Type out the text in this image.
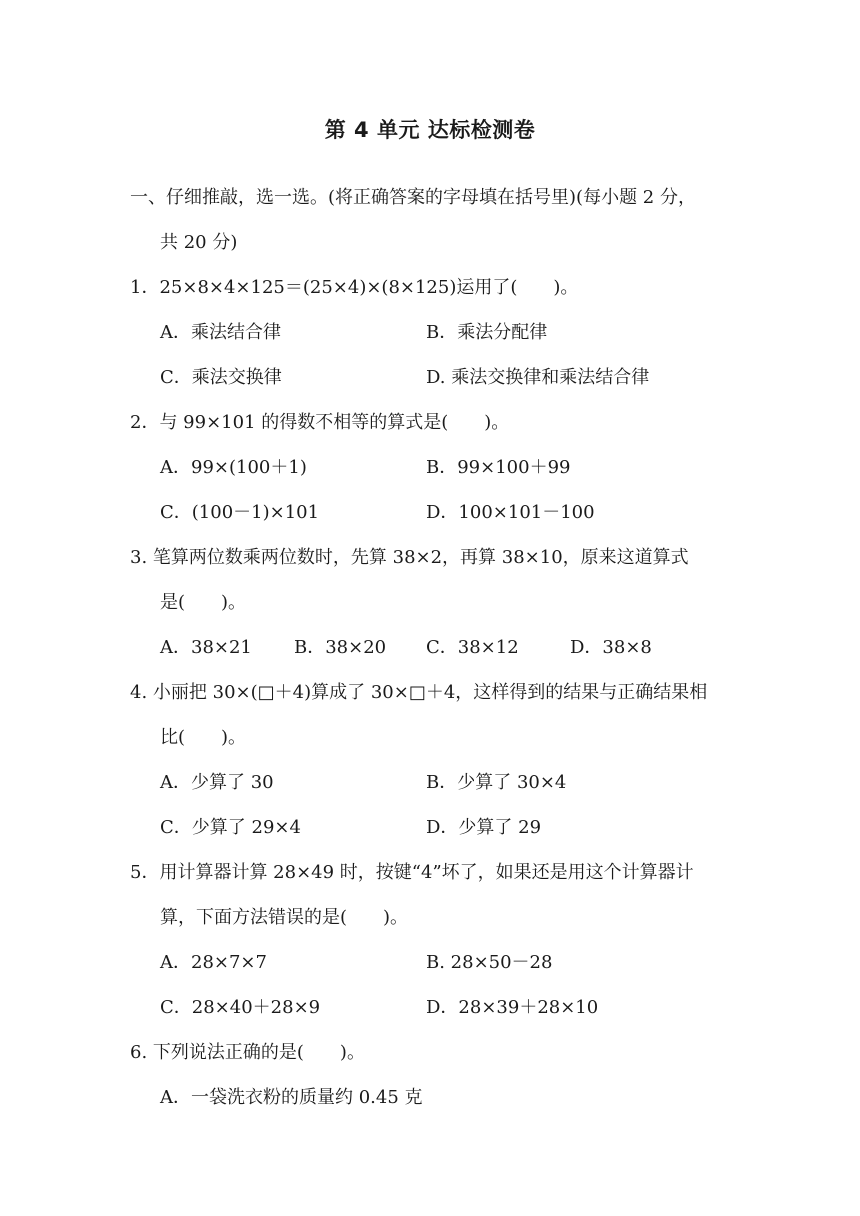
第 4 单元 达标检测卷
一、仔细推敲，选一选。(将正确答案的字母填在括号里)(每小题 2 分，
共 20 分)
1．25×8×4×125＝(25×4)×(8×125)运用了(　　)。
A．乘法结合律	B．乘法分配律
C．乘法交换律	D. 乘法交换律和乘法结合律
2．与 99×101 的得数不相等的算式是(　　)。
A．99×(100＋1)	B．99×100＋99
C．(100－1)×101	D．100×101－100
3. 笔算两位数乘两位数时，先算 38×2，再算 38×10，原来这道算式
是(　　)。
A．38×21 B．38×20 C．38×12	D．38×8
4. 小丽把 30×(□＋4)算成了 30×□＋4，这样得到的结果与正确结果相
比(　　)。
A．少算了 30	B．少算了 30×4
C．少算了 29×4	D．少算了 29
5．用计算器计算 28×49 时，按键“4”坏了，如果还是用这个计算器计
算，下面方法错误的是(　　)。
A．28×7×7	B. 28×50－28
C．28×40＋28×9	D．28×39＋28×10
6. 下列说法正确的是(　　)。
A．一袋洗衣粉的质量约 0.45 克
